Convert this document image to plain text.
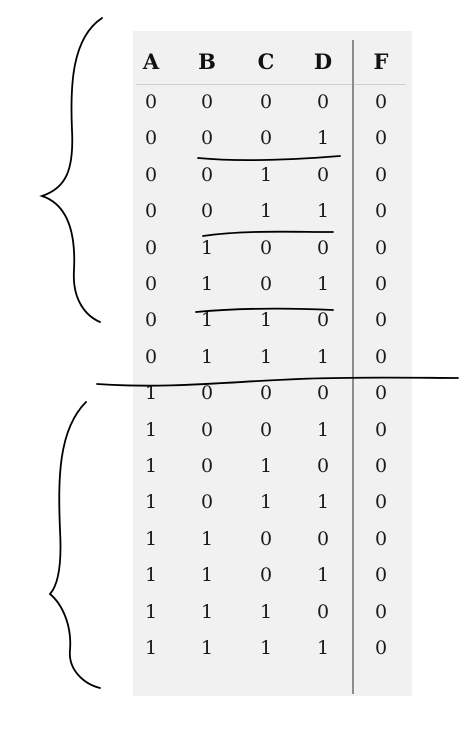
A	B	C	D	F
0	0	0	0	0
0	0	0	1	0
0	0	1	0	0
0	0	1	1	0
0	1	0	0	0
0	1	0	1	0
0	1	1	0	0
0	1	1	1	0
1	0	0	0	0
1	0	0	1	0
1	0	1	0	0
1	0	1	1	0
1	1	0	0	0
1	1	0	1	0
1	1	1	0	0
1	1	1	1	0
